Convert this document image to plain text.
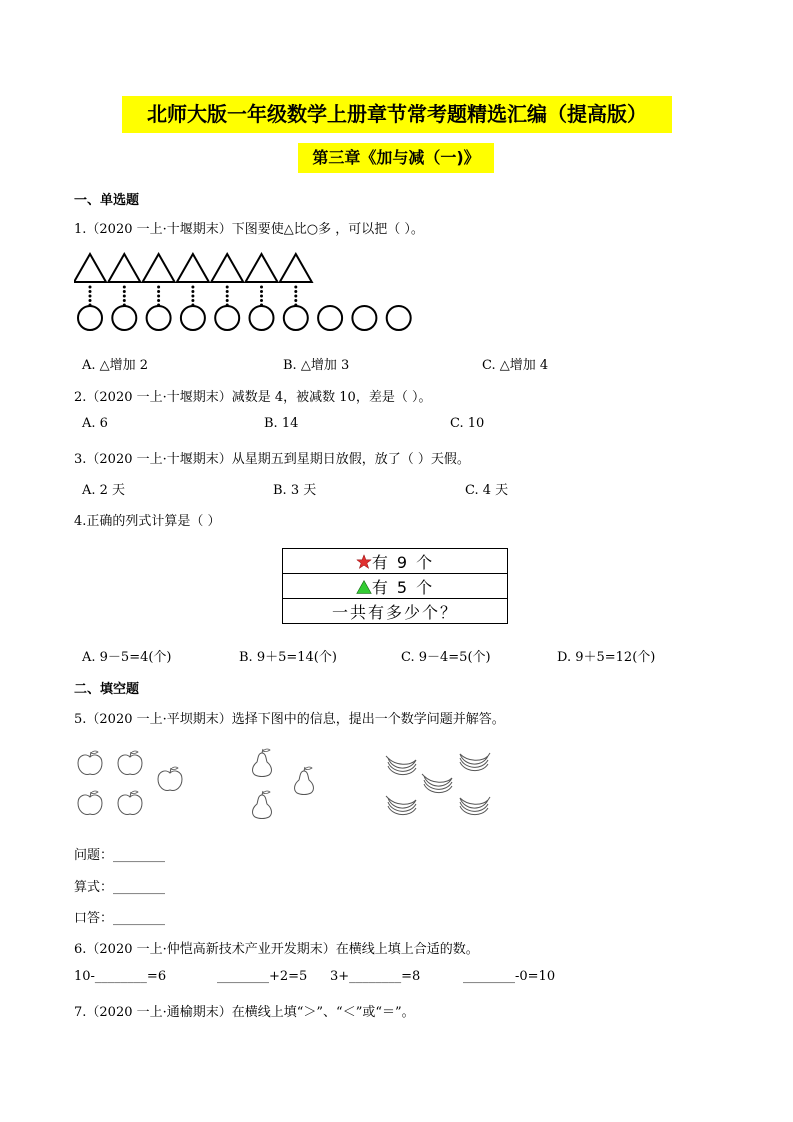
北师大版一年级数学上册章节常考题精选汇编（提高版）
第三章《加与减（一)》
一、单选题
1.（2020 一上·十堰期末）下图要使△比○多 ，可以把（ ）。
A. △增加 2	B. △增加 3	C. △增加 4
2.（2020 一上·十堰期末）减数是 4，被减数 10，差是（ ）。
A. 6	B. 14	C. 10
3.（2020 一上·十堰期末）从星期五到星期日放假，放了（ ）天假。
A. 2 天	B. 3 天	C. 4 天
4.正确的列式计算是（ ）
有 9 个
有 5 个
一共有多少个？
A. 9－5=4(个)	B. 9＋5=14(个)	C. 9－4=5(个)	D. 9＋5=12(个)
二、填空题
5.（2020 一上·平坝期末）选择下图中的信息，提出一个数学问题并解答。
问题：________
算式：________
口答：________
6.（2020 一上·仲恺高新技术产业开发期末）在横线上填上合适的数。
10-________=6	________+2=5 3+________=8	________-0=10
7.（2020 一上·通榆期末）在横线上填“＞”、“＜”或“＝”。
